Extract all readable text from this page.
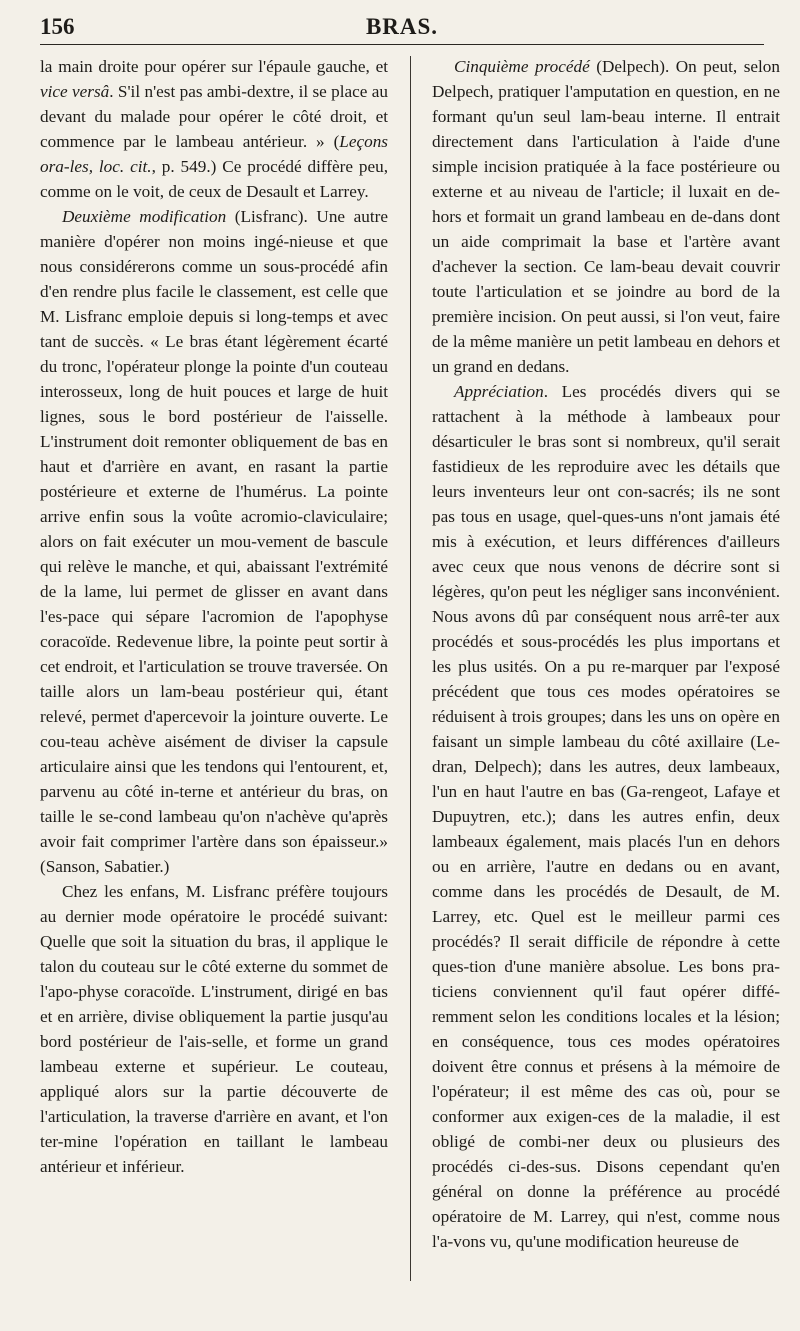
156	BRAS.

la main droite pour opérer sur l'épaule gauche, et vice versâ. S'il n'est pas ambi-dextre, il se place au devant du malade pour opérer le côté droit, et commence par le lambeau antérieur. » (Leçons ora-les, loc. cit., p. 549.) Ce procédé diffère peu, comme on le voit, de ceux de Desault et Larrey.

Deuxième modification (Lisfranc). Une autre manière d'opérer non moins ingé-nieuse et que nous considérerons comme un sous-procédé afin d'en rendre plus facile le classement, est celle que M. Lisfranc emploie depuis si long-temps et avec tant de succès. « Le bras étant légèrement écarté du tronc, l'opérateur plonge la pointe d'un couteau interosseux, long de huit pouces et large de huit lignes, sous le bord postérieur de l'aisselle. L'instrument doit remonter obliquement de bas en haut et d'arrière en avant, en rasant la partie postérieure et externe de l'humérus. La pointe arrive enfin sous la voûte acromio-claviculaire; alors on fait exécuter un mou-vement de bascule qui relève le manche, et qui, abaissant l'extrémité de la lame, lui permet de glisser en avant dans l'es-pace qui sépare l'acromion de l'apophyse coracoïde. Redevenue libre, la pointe peut sortir à cet endroit, et l'articulation se trouve traversée. On taille alors un lam-beau postérieur qui, étant relevé, permet d'apercevoir la jointure ouverte. Le cou-teau achève aisément de diviser la capsule articulaire ainsi que les tendons qui l'entourent, et, parvenu au côté in-terne et antérieur du bras, on taille le se-cond lambeau qu'on n'achève qu'après avoir fait comprimer l'artère dans son épaisseur.» (Sanson, Sabatier.)

Chez les enfans, M. Lisfranc préfère toujours au dernier mode opératoire le procédé suivant: Quelle que soit la situation du bras, il applique le talon du couteau sur le côté externe du sommet de l'apo-physe coracoïde. L'instrument, dirigé en bas et en arrière, divise obliquement la partie jusqu'au bord postérieur de l'ais-selle, et forme un grand lambeau externe et supérieur. Le couteau, appliqué alors sur la partie découverte de l'articulation, la traverse d'arrière en avant, et l'on ter-mine l'opération en taillant le lambeau antérieur et inférieur.

Cinquième procédé (Delpech). On peut, selon Delpech, pratiquer l'amputation en question, en ne formant qu'un seul lam-beau interne. Il entrait directement dans l'articulation à l'aide d'une simple incision pratiquée à la face postérieure ou externe et au niveau de l'article; il luxait en de-hors et formait un grand lambeau en de-dans dont un aide comprimait la base et l'artère avant d'achever la section. Ce lam-beau devait couvrir toute l'articulation et se joindre au bord de la première incision. On peut aussi, si l'on veut, faire de la même manière un petit lambeau en dehors et un grand en dedans.

Appréciation. Les procédés divers qui se rattachent à la méthode à lambeaux pour désarticuler le bras sont si nombreux, qu'il serait fastidieux de les reproduire avec les détails que leurs inventeurs leur ont con-sacrés; ils ne sont pas tous en usage, quel-ques-uns n'ont jamais été mis à exécution, et leurs différences d'ailleurs avec ceux que nous venons de décrire sont si légères, qu'on peut les négliger sans inconvénient. Nous avons dû par conséquent nous arrê-ter aux procédés et sous-procédés les plus importans et les plus usités. On a pu re-marquer par l'exposé précédent que tous ces modes opératoires se réduisent à trois groupes; dans les uns on opère en faisant un simple lambeau du côté axillaire (Le-dran, Delpech); dans les autres, deux lambeaux, l'un en haut l'autre en bas (Ga-rengeot, Lafaye et Dupuytren, etc.); dans les autres enfin, deux lambeaux également, mais placés l'un en dehors ou en arrière, l'autre en dedans ou en avant, comme dans les procédés de Desault, de M. Larrey, etc. Quel est le meilleur parmi ces procédés? Il serait difficile de répondre à cette ques-tion d'une manière absolue. Les bons pra-ticiens conviennent qu'il faut opérer diffé-remment selon les conditions locales et la lésion; en conséquence, tous ces modes opératoires doivent être connus et présens à la mémoire de l'opérateur; il est même des cas où, pour se conformer aux exigen-ces de la maladie, il est obligé de combi-ner deux ou plusieurs des procédés ci-des-sus. Disons cependant qu'en général on donne la préférence au procédé opératoire de M. Larrey, qui n'est, comme nous l'a-vons vu, qu'une modification heureuse de
